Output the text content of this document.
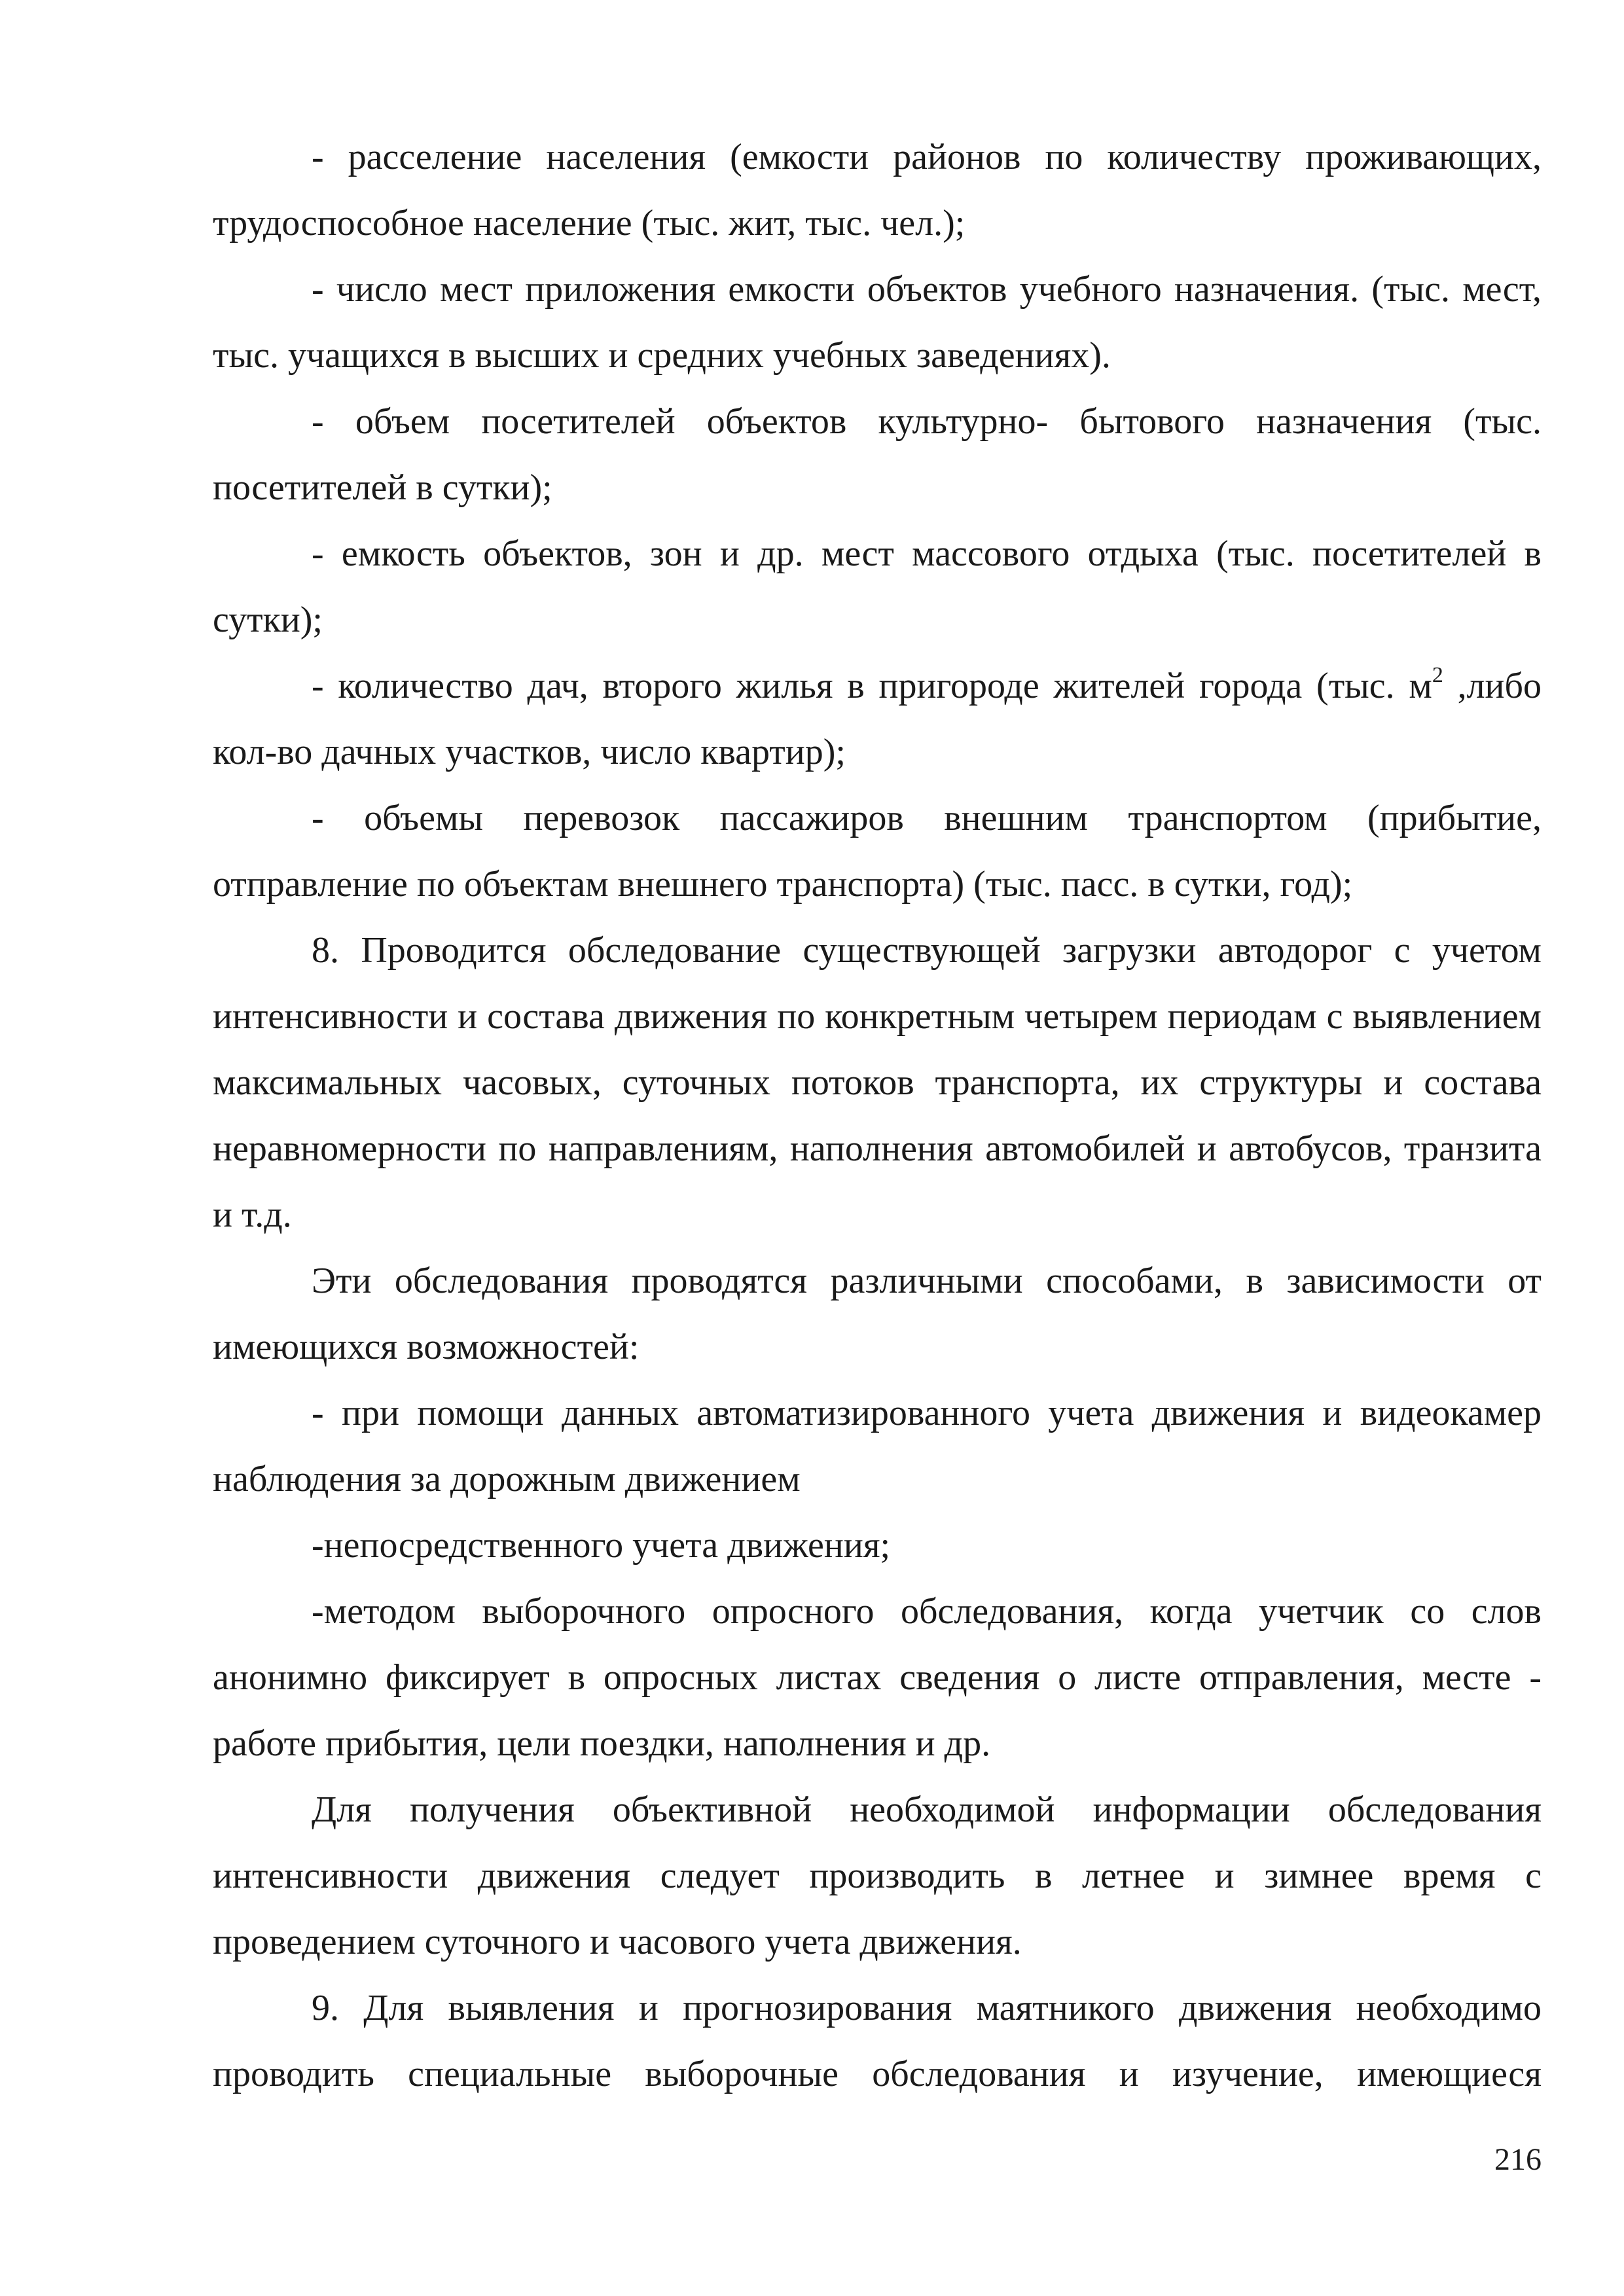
- расселение населения (емкости районов по количеству проживающих, трудоспособное население (тыс. жит, тыс. чел.);

- число мест приложения емкости объектов учебного назначения. (тыс. мест, тыс. учащихся в высших и средних учебных заведениях).

- объем посетителей объектов культурно- бытового назначения (тыс. посетителей в сутки);

- емкость объектов, зон и др. мест массового отдыха (тыс. посетителей в сутки);

- количество дач, второго жилья в пригороде жителей города (тыс. $м^2$ ,либо кол-во дачных участков, число квартир);

- объемы перевозок пассажиров внешним транспортом (прибытие, отправление по объектам внешнего транспорта) (тыс. пасс. в сутки, год);

8. Проводится обследование существующей загрузки автодорог с учетом интенсивности и состава движения по конкретным четырем периодам с выявлением максимальных часовых, суточных потоков транспорта, их структуры и состава неравномерности по направлениям, наполнения автомобилей и автобусов, транзита и т.д.

Эти обследования проводятся различными способами, в зависимости от имеющихся возможностей:

- при помощи данных автоматизированного учета движения и видеокамер наблюдения за дорожным движением

-непосредственного учета движения;

-методом выборочного опросного обследования, когда учетчик со слов анонимно фиксирует в опросных листах сведения о листе отправления, месте - работе прибытия, цели поездки, наполнения и др.

Для получения объективной необходимой информации обследования интенсивности движения следует производить в летнее и зимнее время с проведением суточного и часового учета движения.

9. Для выявления и прогнозирования маятникого движения необходимо проводить специальные выборочные обследования и изучение, имеющиеся

216
